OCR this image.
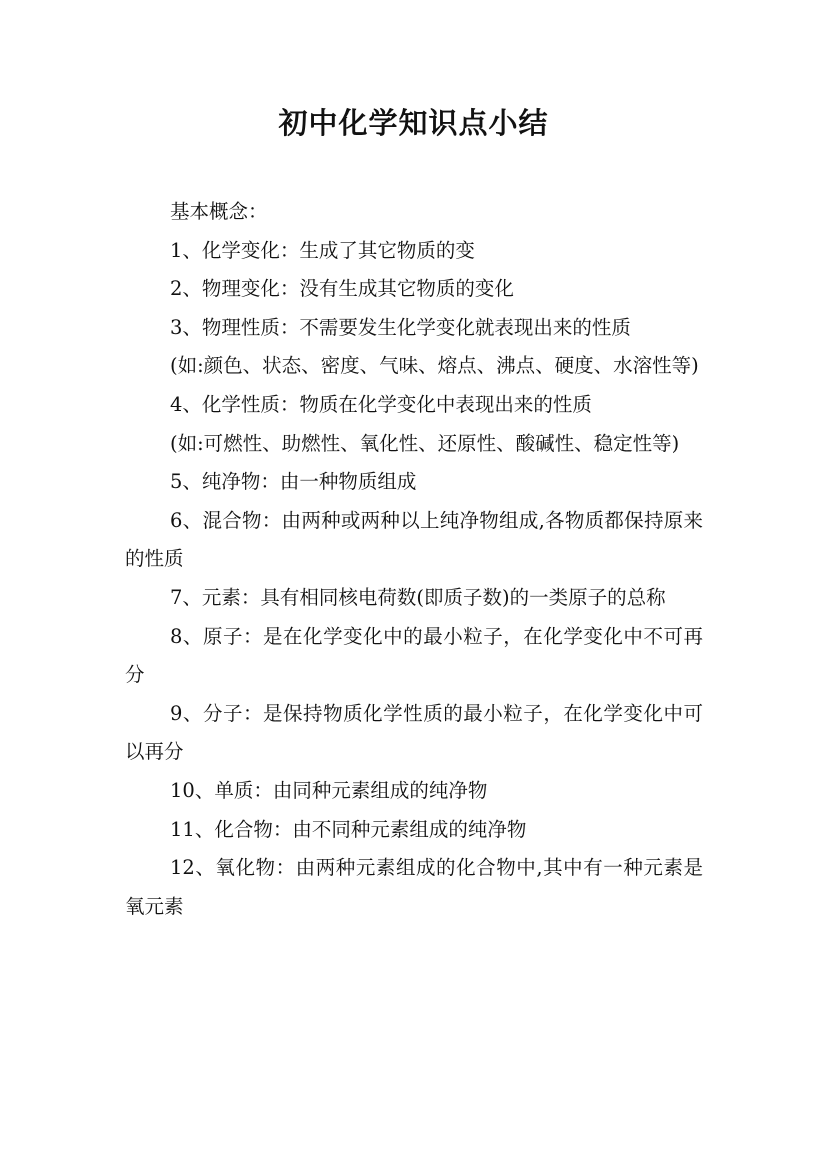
初中化学知识点小结

基本概念：

1、化学变化：生成了其它物质的变

2、物理变化：没有生成其它物质的变化

3、物理性质：不需要发生化学变化就表现出来的性质

(如:颜色、状态、密度、气味、熔点、沸点、硬度、水溶性等)

4、化学性质：物质在化学变化中表现出来的性质

(如:可燃性、助燃性、氧化性、还原性、酸碱性、稳定性等)

5、纯净物：由一种物质组成

6、混合物：由两种或两种以上纯净物组成,各物质都保持原来的性质

7、元素：具有相同核电荷数(即质子数)的一类原子的总称

8、原子：是在化学变化中的最小粒子，在化学变化中不可再分

9、分子：是保持物质化学性质的最小粒子，在化学变化中可以再分

10、单质：由同种元素组成的纯净物

11、化合物：由不同种元素组成的纯净物

12、氧化物：由两种元素组成的化合物中,其中有一种元素是氧元素
